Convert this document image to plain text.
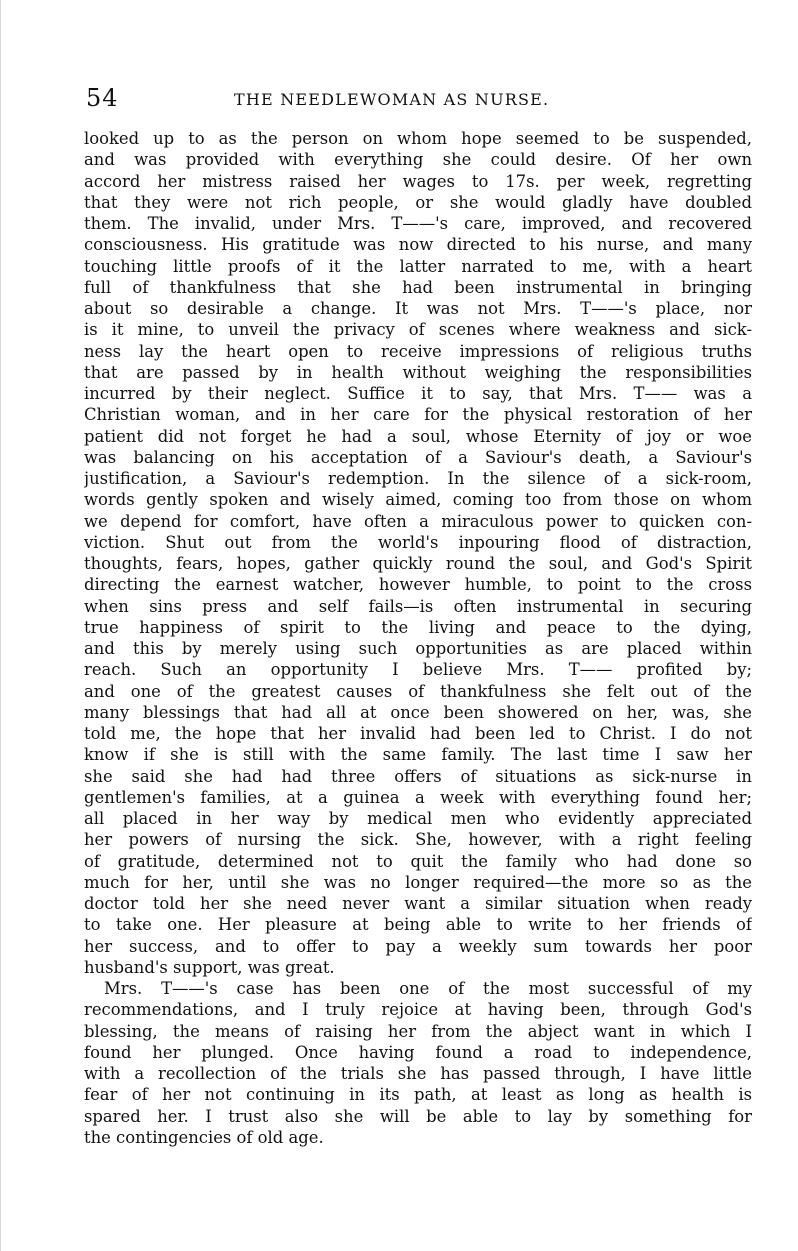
54	THE NEEDLEWOMAN AS NURSE.
looked up to as the person on whom hope seemed to be suspended,
and was provided with everything she could desire. Of her own
accord her mistress raised her wages to 17s. per week, regretting
that they were not rich people, or she would gladly have doubled
them. The invalid, under Mrs. T——'s care, improved, and recovered
consciousness. His gratitude was now directed to his nurse, and many
touching little proofs of it the latter narrated to me, with a heart
full of thankfulness that she had been instrumental in bringing
about so desirable a change. It was not Mrs. T——'s place, nor
is it mine, to unveil the privacy of scenes where weakness and sick-
ness lay the heart open to receive impressions of religious truths
that are passed by in health without weighing the responsibilities
incurred by their neglect. Suffice it to say, that Mrs. T—— was a
Christian woman, and in her care for the physical restoration of her
patient did not forget he had a soul, whose Eternity of joy or woe
was balancing on his acceptation of a Saviour's death, a Saviour's
justification, a Saviour's redemption. In the silence of a sick-room,
words gently spoken and wisely aimed, coming too from those on whom
we depend for comfort, have often a miraculous power to quicken con-
viction. Shut out from the world's inpouring flood of distraction,
thoughts, fears, hopes, gather quickly round the soul, and God's Spirit
directing the earnest watcher, however humble, to point to the cross
when sins press and self fails—is often instrumental in securing
true happiness of spirit to the living and peace to the dying,
and this by merely using such opportunities as are placed within
reach. Such an opportunity I believe Mrs. T—— profited by;
and one of the greatest causes of thankfulness she felt out of the
many blessings that had all at once been showered on her, was, she
told me, the hope that her invalid had been led to Christ. I do not
know if she is still with the same family. The last time I saw her
she said she had had three offers of situations as sick-nurse in
gentlemen's families, at a guinea a week with everything found her;
all placed in her way by medical men who evidently appreciated
her powers of nursing the sick. She, however, with a right feeling
of gratitude, determined not to quit the family who had done so
much for her, until she was no longer required—the more so as the
doctor told her she need never want a similar situation when ready
to take one. Her pleasure at being able to write to her friends of
her success, and to offer to pay a weekly sum towards her poor
husband's support, was great.
Mrs. T——'s case has been one of the most successful of my
recommendations, and I truly rejoice at having been, through God's
blessing, the means of raising her from the abject want in which I
found her plunged. Once having found a road to independence,
with a recollection of the trials she has passed through, I have little
fear of her not continuing in its path, at least as long as health is
spared her. I trust also she will be able to lay by something for
the contingencies of old age.
